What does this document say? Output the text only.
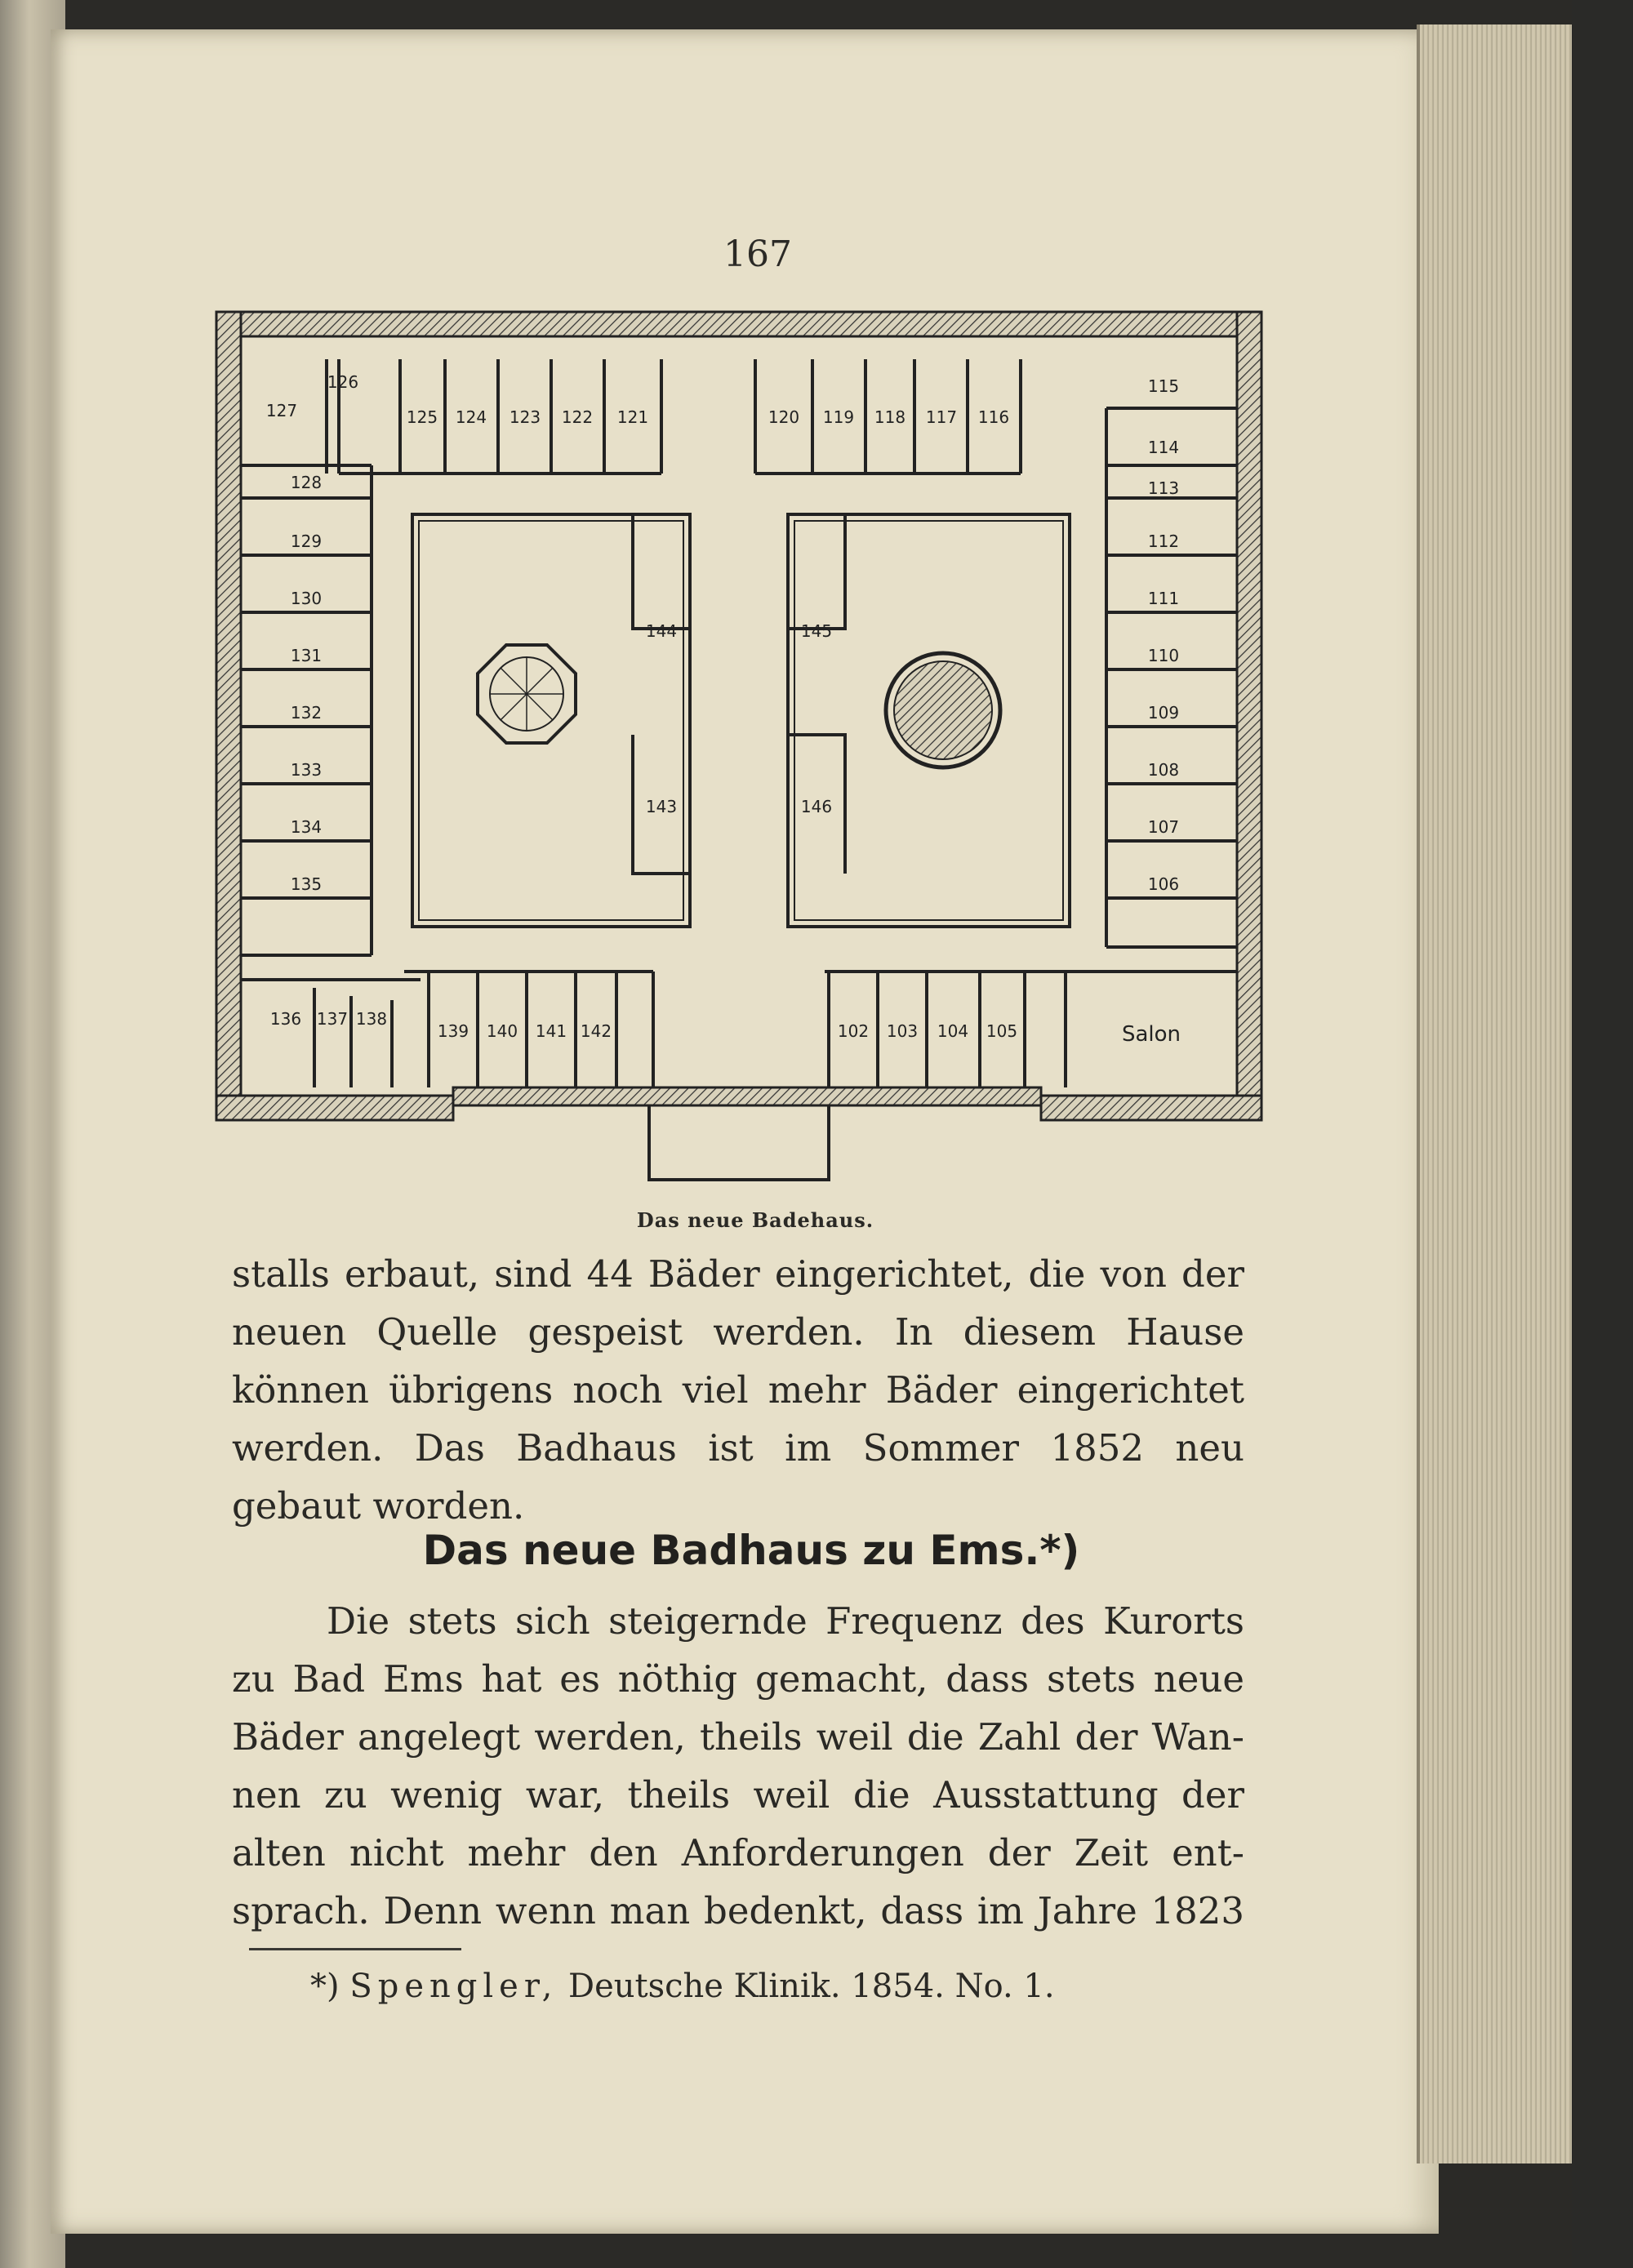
167
125 124 123 122 121	120 119 118 117 116
127
126
128
129
130
131
132
133
134
135
115
114
113
112
111
110
109
108
107
106
144	145
143	146
136 137 138
139 140 141 142	102 103 104 105	Salon
Das neue Badehaus.

stalls erbaut, sind 44 Bäder eingerichtet, die von der

neuen Quelle gespeist werden. In diesem Hause

können übrigens noch viel mehr Bäder eingerichtet

werden. Das Badhaus ist im Sommer 1852 neu

gebaut worden.

Das neue Badhaus zu Ems.*)

Die stets sich steigernde Frequenz des Kurorts

zu Bad Ems hat es nöthig gemacht, dass stets neue

Bäder angelegt werden, theils weil die Zahl der Wan-

nen zu wenig war, theils weil die Ausstattung der

alten nicht mehr den Anforderungen der Zeit ent-

sprach. Denn wenn man bedenkt, dass im Jahre 1823

*) Spengler, Deutsche Klinik. 1854. No. 1.
